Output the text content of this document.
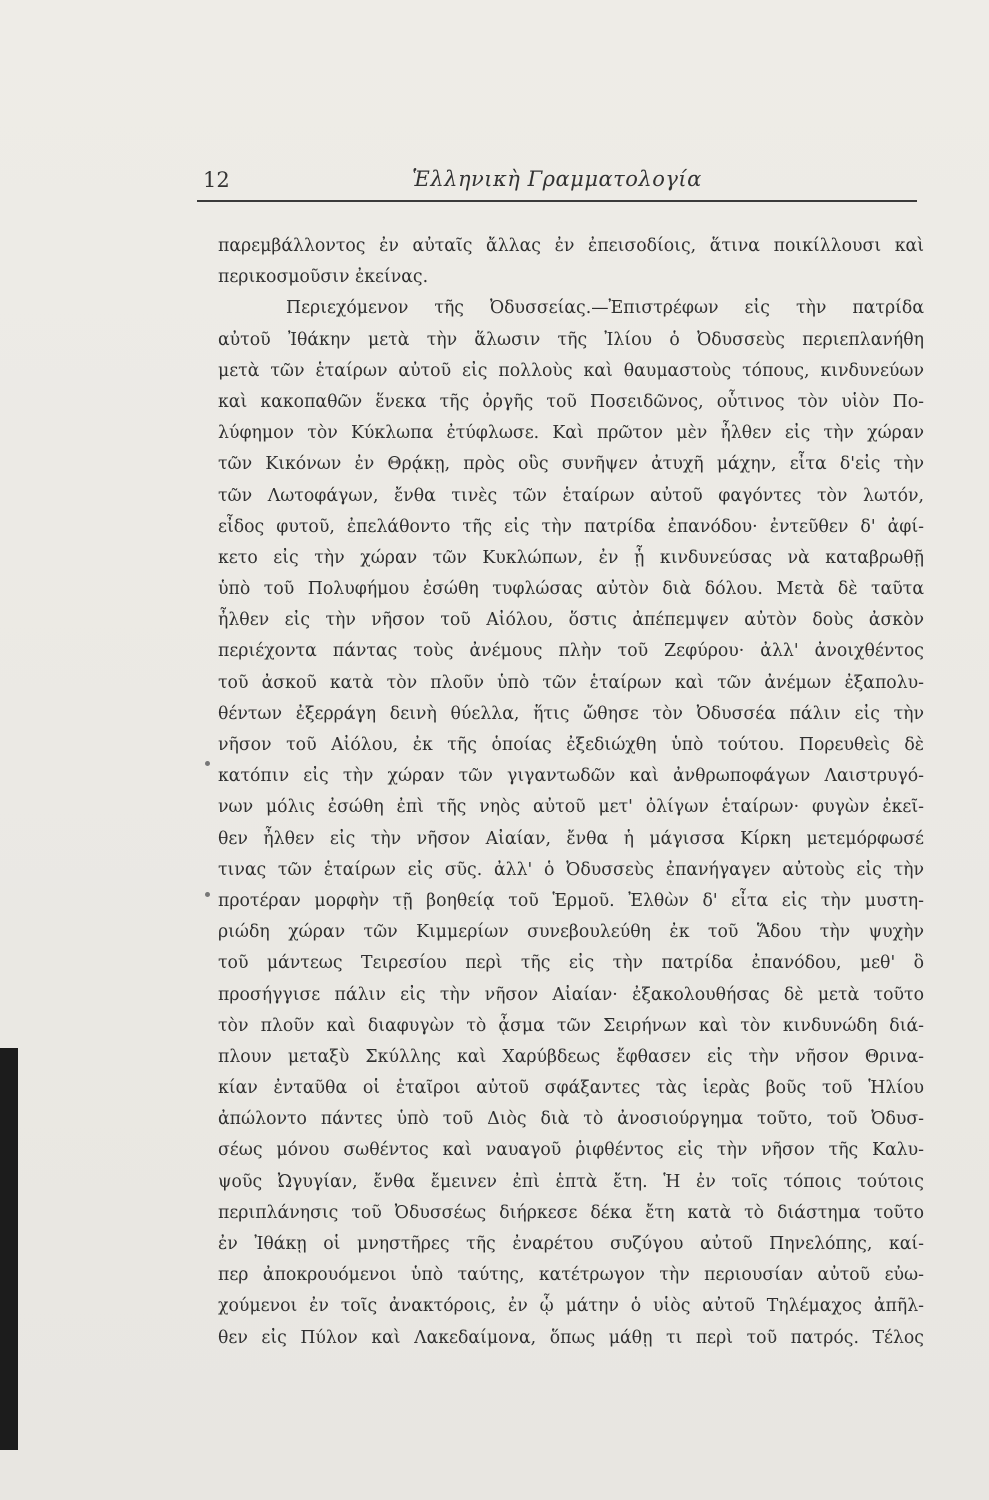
12	Ἑλληνικὴ Γραμματολογία
παρεμβάλλοντος ἐν αὐταῖς ἄλλας ἐν ἐπεισοδίοις, ἅτινα ποικίλλουσι καὶ
περικοσμοῦσιν ἐκείνας.
Περιεχόμενον τῆς Ὀδυσσείας.—Ἐπιστρέφων εἰς τὴν πατρίδα
αὐτοῦ Ἰθάκην μετὰ τὴν ἅλωσιν τῆς Ἰλίου ὁ Ὀδυσσεὺς περιεπλανήθη
μετὰ τῶν ἑταίρων αὐτοῦ εἰς πολλοὺς καὶ θαυμαστοὺς τόπους, κινδυνεύων
καὶ κακοπαθῶν ἕνεκα τῆς ὀργῆς τοῦ Ποσειδῶνος, οὗτινος τὸν υἱὸν Πο-
λύφημον τὸν Κύκλωπα ἐτύφλωσε. Καὶ πρῶτον μὲν ἦλθεν εἰς τὴν χώραν
τῶν Κικόνων ἐν Θρᾴκῃ, πρὸς οὓς συνῆψεν ἀτυχῆ μάχην, εἶτα δ'εἰς τὴν
τῶν Λωτοφάγων, ἔνθα τινὲς τῶν ἑταίρων αὐτοῦ φαγόντες τὸν λωτόν,
εἶδος φυτοῦ, ἐπελάθοντο τῆς εἰς τὴν πατρίδα ἐπανόδου· ἐντεῦθεν δ' ἀφί-
κετο εἰς τὴν χώραν τῶν Κυκλώπων, ἐν ᾗ κινδυνεύσας νὰ καταβρωθῇ
ὑπὸ τοῦ Πολυφήμου ἐσώθη τυφλώσας αὐτὸν διὰ δόλου. Μετὰ δὲ ταῦτα
ἦλθεν εἰς τὴν νῆσον τοῦ Αἰόλου, ὅστις ἀπέπεμψεν αὐτὸν δοὺς ἀσκὸν
περιέχοντα πάντας τοὺς ἀνέμους πλὴν τοῦ Ζεφύρου· ἀλλ' ἀνοιχθέντος
τοῦ ἀσκοῦ κατὰ τὸν πλοῦν ὑπὸ τῶν ἑταίρων καὶ τῶν ἀνέμων ἐξαπολυ-
θέντων ἐξερράγη δεινὴ θύελλα, ἥτις ὤθησε τὸν Ὀδυσσέα πάλιν εἰς τὴν
νῆσον τοῦ Αἰόλου, ἐκ τῆς ὁποίας ἐξεδιώχθη ὑπὸ τούτου. Πορευθεὶς δὲ
κατόπιν εἰς τὴν χώραν τῶν γιγαντωδῶν καὶ ἀνθρωποφάγων Λαιστρυγό-
νων μόλις ἐσώθη ἐπὶ τῆς νηὸς αὐτοῦ μετ' ὀλίγων ἑταίρων· φυγὼν ἐκεῖ-
θεν ἦλθεν εἰς τὴν νῆσον Αἰαίαν, ἔνθα ἡ μάγισσα Κίρκη μετεμόρφωσέ
τινας τῶν ἑταίρων εἰς σῦς. ἀλλ' ὁ Ὀδυσσεὺς ἐπανήγαγεν αὐτοὺς εἰς τὴν
προτέραν μορφὴν τῇ βοηθείᾳ τοῦ Ἑρμοῦ. Ἐλθὼν δ' εἶτα εἰς τὴν μυστη-
ριώδη χώραν τῶν Κιμμερίων συνεβουλεύθη ἐκ τοῦ Ἅδου τὴν ψυχὴν
τοῦ μάντεως Τειρεσίου περὶ τῆς εἰς τὴν πατρίδα ἐπανόδου, μεθ' ὃ
προσήγγισε πάλιν εἰς τὴν νῆσον Αἰαίαν· ἐξακολουθήσας δὲ μετὰ τοῦτο
τὸν πλοῦν καὶ διαφυγὼν τὸ ᾆσμα τῶν Σειρήνων καὶ τὸν κινδυνώδη διά-
πλουν μεταξὺ Σκύλλης καὶ Χαρύβδεως ἔφθασεν εἰς τὴν νῆσον Θρινα-
κίαν ἐνταῦθα οἱ ἑταῖροι αὐτοῦ σφάξαντες τὰς ἱερὰς βοῦς τοῦ Ἡλίου
ἀπώλοντο πάντες ὑπὸ τοῦ Διὸς διὰ τὸ ἀνοσιούργημα τοῦτο, τοῦ Ὀδυσ-
σέως μόνου σωθέντος καὶ ναυαγοῦ ῥιφθέντος εἰς τὴν νῆσον τῆς Καλυ-
ψοῦς Ὠγυγίαν, ἔνθα ἔμεινεν ἐπὶ ἑπτὰ ἔτη. Ἡ ἐν τοῖς τόποις τούτοις
περιπλάνησις τοῦ Ὀδυσσέως διήρκεσε δέκα ἔτη κατὰ τὸ διάστημα τοῦτο
ἐν Ἰθάκῃ οἱ μνηστῆρες τῆς ἐναρέτου συζύγου αὐτοῦ Πηνελόπης, καί-
περ ἀποκρουόμενοι ὑπὸ ταύτης, κατέτρωγον τὴν περιουσίαν αὐτοῦ εὐω-
χούμενοι ἐν τοῖς ἀνακτόροις, ἐν ᾧ μάτην ὁ υἱὸς αὐτοῦ Τηλέμαχος ἀπῆλ-
θεν εἰς Πύλον καὶ Λακεδαίμονα, ὅπως μάθῃ τι περὶ τοῦ πατρός. Τέλος
